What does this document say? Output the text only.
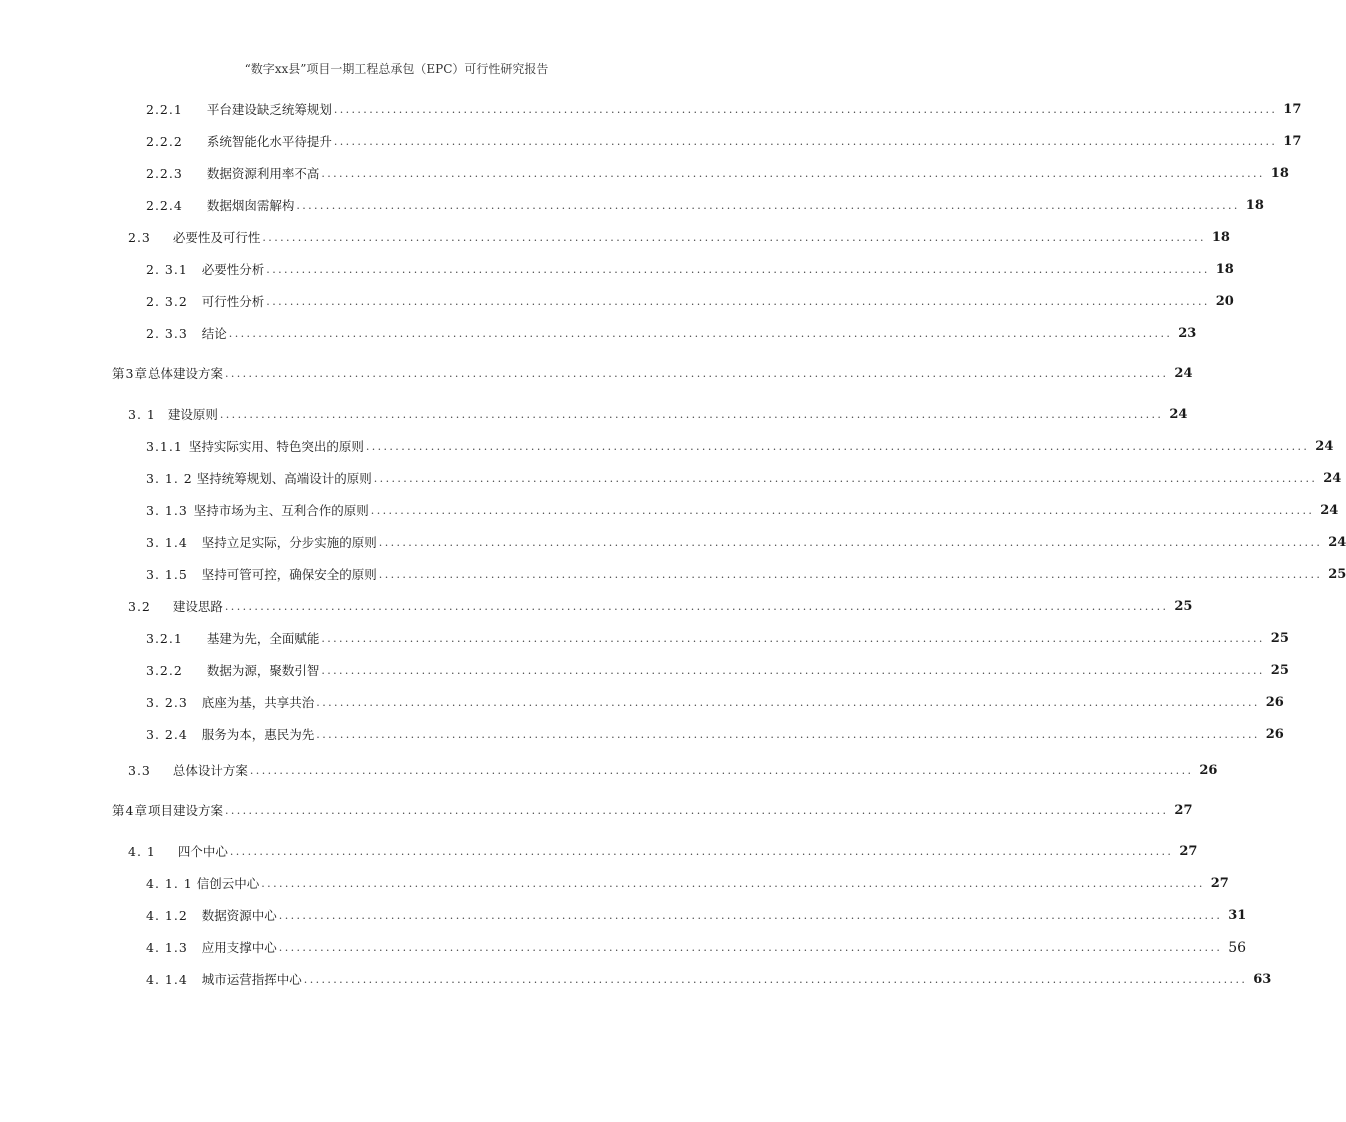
“数字xx县”项目一期工程总承包（EPC）可行性研究报告
2.2.1 平台建设缺乏统筹规划 ................................................................................................................................................................ 17
2.2.2 系统智能化水平待提升 ................................................................................................................................................................ 17
2.2.3 数据资源利用率不高 ................................................................................................................................................................ 18
2.2.4 数据烟囱需解构 ................................................................................................................................................................ 18
2.3 必要性及可行性 ................................................................................................................................................................ 18
2. 3.1 必要性分析 ................................................................................................................................................................ 18
2. 3.2 可行性分析 ................................................................................................................................................................ 20
2. 3.3 结论 ................................................................................................................................................................ 23
第3章 总体建设方案 ................................................................................................................................................................ 24
3. 1 建设原则 ................................................................................................................................................................ 24
3.1.1 坚持实际实用、特色突出的原则 ................................................................................................................................................................ 24
3. 1. 2 坚持统筹规划、高端设计的原则 ................................................................................................................................................................ 24
3. 1.3 坚持市场为主、互利合作的原则 ................................................................................................................................................................ 24
3. 1.4 坚持立足实际，分步实施的原则 ................................................................................................................................................................ 24
3. 1.5 坚持可管可控，确保安全的原则 ................................................................................................................................................................ 25
3.2 建设思路 ................................................................................................................................................................ 25
3.2.1 基建为先，全面赋能 ................................................................................................................................................................ 25
3.2.2 数据为源，聚数引智 ................................................................................................................................................................ 25
3. 2.3 底座为基，共享共治 ................................................................................................................................................................ 26
3. 2.4 服务为本，惠民为先 ................................................................................................................................................................ 26
3.3 总体设计方案 ................................................................................................................................................................ 26
第4章 项目建设方案 ................................................................................................................................................................ 27
4. 1 四个中心 ................................................................................................................................................................ 27
4. 1. 1 信创云中心 ................................................................................................................................................................ 27
4. 1.2 数据资源中心 ................................................................................................................................................................ 31
4. 1.3 应用支撑中心 ................................................................................................................................................................ 56
4. 1.4 城市运营指挥中心 ................................................................................................................................................................ 63
